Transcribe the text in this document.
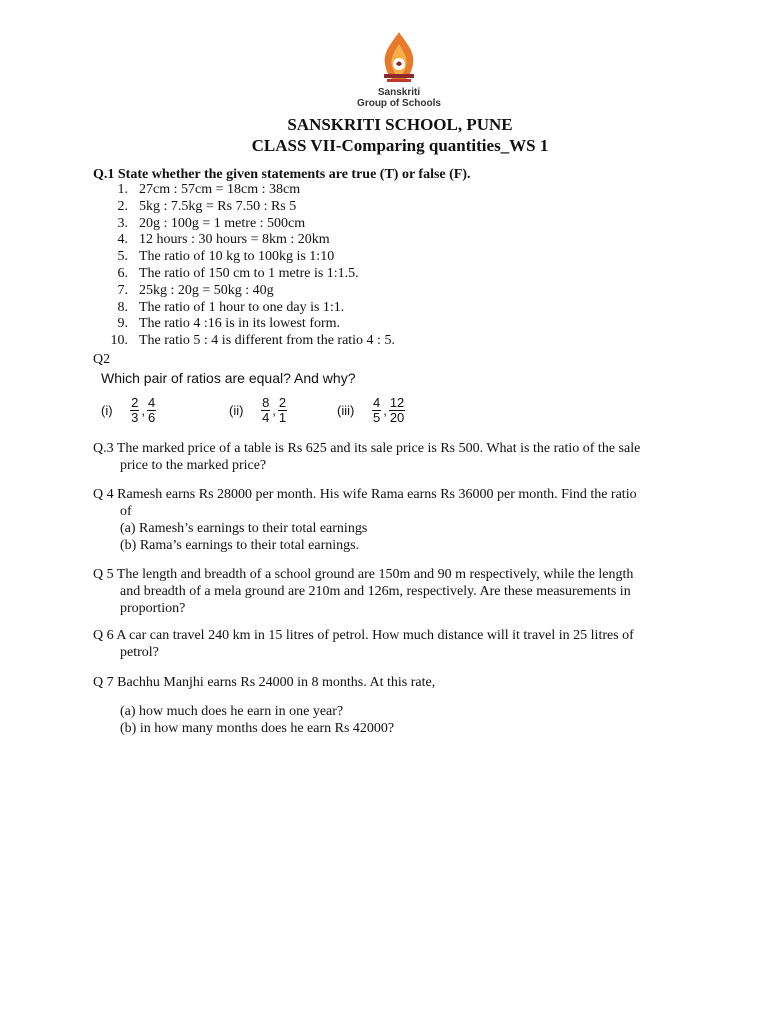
Sanskriti
Group of Schools
SANSKRITI SCHOOL, PUNE
CLASS VII-Comparing quantities_WS 1
Q.1 State whether the given statements are true (T) or false (F).
1. 27cm : 57cm = 18cm : 38cm
2. 5kg : 7.5kg = Rs 7.50 : Rs 5
3. 20g : 100g = 1 metre : 500cm
4. 12 hours : 30 hours = 8km : 20km
5. The ratio of 10 kg to 100kg is 1:10
6. The ratio of 150 cm to 1 metre is 1:1.5.
7. 25kg : 20g = 50kg : 40g
8. The ratio of 1 hour to one day is 1:1.
9. The ratio 4 :16 is in its lowest form.
10. The ratio 5 : 4 is different from the ratio 4 : 5.
Q2
Which pair of ratios are equal? And why?
$(i) \frac{2}{3}$ , $\frac{4}{6}$	$(ii) \frac{8}{4}$ , $\frac{2}{1}$	$(iii) \frac{4}{5}$ , $\frac{12}{20}$
Q.3 The marked price of a table is Rs 625 and its sale price is Rs 500. What is the ratio of the sale
price to the marked price?
Q 4 Ramesh earns Rs 28000 per month. His wife Rama earns Rs 36000 per month. Find the ratio
of
(a) Ramesh’s earnings to their total earnings
(b) Rama’s earnings to their total earnings.
Q 5 The length and breadth of a school ground are 150m and 90 m respectively, while the length
and breadth of a mela ground are 210m and 126m, respectively. Are these measurements in
proportion?
Q 6 A car can travel 240 km in 15 litres of petrol. How much distance will it travel in 25 litres of
petrol?
Q 7 Bachhu Manjhi earns Rs 24000 in 8 months. At this rate,
(a) how much does he earn in one year?
(b) in how many months does he earn Rs 42000?
